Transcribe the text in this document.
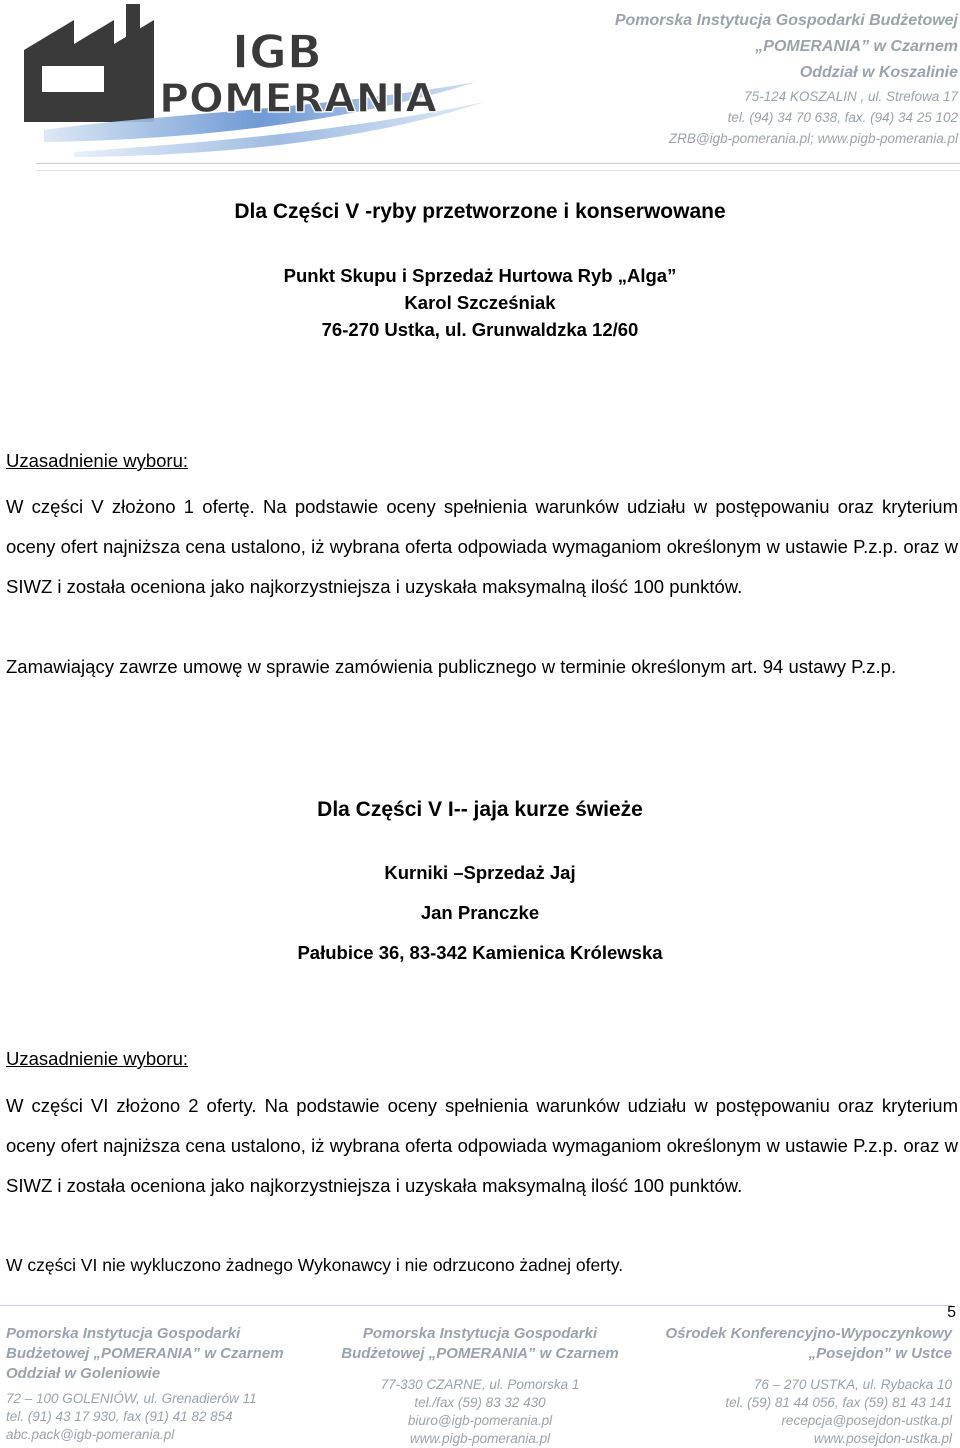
IGB
POMERANIA
Pomorska Instytucja Gospodarki Budżetowej
„POMERANIA” w Czarnem
Oddział w Koszalinie
75-124 KOSZALIN , ul. Strefowa 17
tel. (94) 34 70 638, fax. (94) 34 25 102
ZRB@igb-pomerania.pl; www.pigb-pomerania.pl
Dla Części V -ryby przetworzone i konserwowane
Punkt Skupu i Sprzedaż Hurtowa Ryb „Alga”
Karol Szcześniak
76-270 Ustka, ul. Grunwaldzka 12/60
Uzasadnienie wyboru:
W części V złożono 1 ofertę. Na podstawie oceny spełnienia warunków udziału w postępowaniu oraz kryterium oceny ofert najniższa cena ustalono, iż wybrana oferta odpowiada wymaganiom określonym w ustawie P.z.p. oraz w SIWZ i została oceniona jako najkorzystniejsza i uzyskała maksymalną ilość 100 punktów.
Zamawiający zawrze umowę w sprawie zamówienia publicznego w terminie określonym art. 94 ustawy P.z.p.
Dla Części V I-- jaja kurze świeże
Kurniki –Sprzedaż Jaj
Jan Pranczke
Pałubice 36, 83-342 Kamienica Królewska
Uzasadnienie wyboru:
W części VI złożono 2 oferty. Na podstawie oceny spełnienia warunków udziału w postępowaniu oraz kryterium oceny ofert najniższa cena ustalono, iż wybrana oferta odpowiada wymaganiom określonym w ustawie P.z.p. oraz w SIWZ i została oceniona jako najkorzystniejsza i uzyskała maksymalną ilość 100 punktów.
W części VI nie wykluczono żadnego Wykonawcy i nie odrzucono żadnej oferty.
5
Pomorska Instytucja Gospodarki
Budżetowej „POMERANIA” w Czarnem
Oddział w Goleniowie
72 – 100 GOLENIÓW, ul. Grenadierów 11
tel. (91) 43 17 930, fax (91) 41 82 854
abc.pack@igb-pomerania.pl
Pomorska Instytucja Gospodarki
Budżetowej „POMERANIA” w Czarnem
77-330 CZARNE, ul. Pomorska 1
tel./fax (59) 83 32 430
biuro@igb-pomerania.pl
www.pigb-pomerania.pl
Ośrodek Konferencyjno-Wypoczynkowy
„Posejdon” w Ustce
76 – 270 USTKA, ul. Rybacka 10
tel. (59) 81 44 056, fax (59) 81 43 141
recepcja@posejdon-ustka.pl
www.posejdon-ustka.pl
